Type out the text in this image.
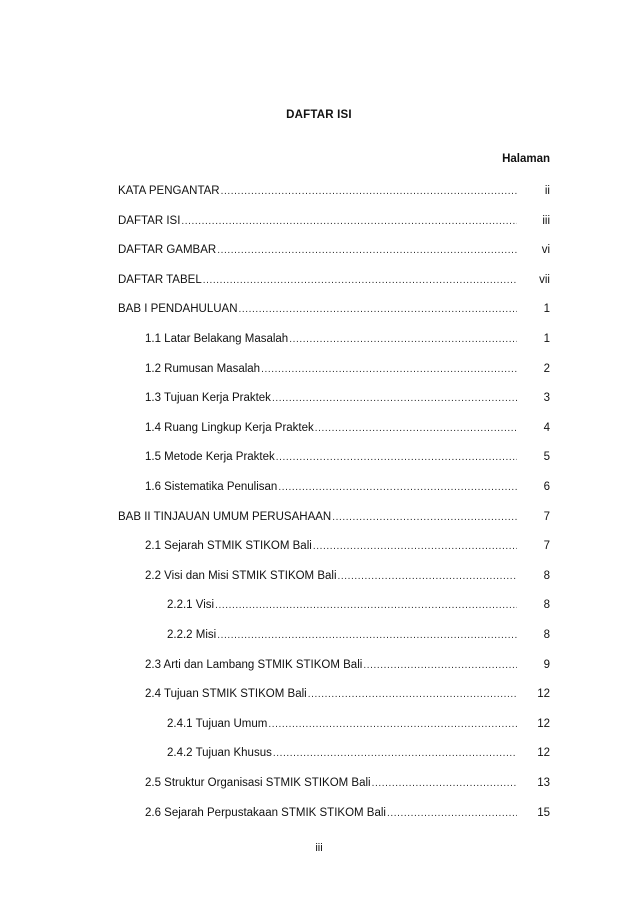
DAFTAR ISI
Halaman
KATA PENGANTAR .....	ii
DAFTAR ISI .....	iii
DAFTAR GAMBAR .....	vi
DAFTAR TABEL .....	vii
BAB I PENDAHULUAN .....	1
1.1 Latar Belakang Masalah .....	1
1.2 Rumusan Masalah .....	2
1.3 Tujuan Kerja Praktek .....	3
1.4 Ruang Lingkup Kerja Praktek .....	4
1.5 Metode Kerja Praktek .....	5
1.6 Sistematika Penulisan .....	6
BAB II TINJAUAN UMUM PERUSAHAAN .....	7
2.1 Sejarah STMIK STIKOM Bali .....	7
2.2 Visi dan Misi STMIK STIKOM Bali .....	8
2.2.1 Visi .....	8
2.2.2 Misi .....	8
2.3 Arti dan Lambang STMIK STIKOM Bali .....	9
2.4 Tujuan STMIK STIKOM Bali .....	12
2.4.1 Tujuan Umum .....	12
2.4.2 Tujuan Khusus .....	12
2.5 Struktur Organisasi STMIK STIKOM Bali .....	13
2.6 Sejarah Perpustakaan STMIK STIKOM Bali .....	15
iii
